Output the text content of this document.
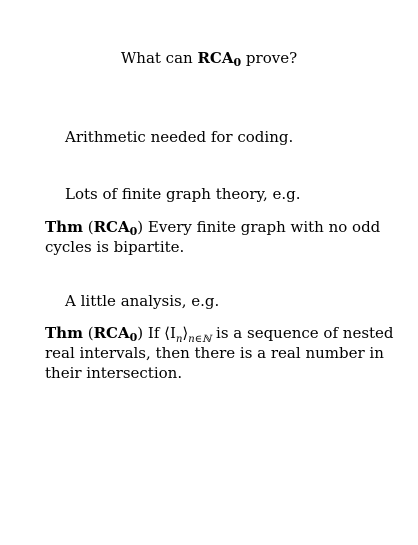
What can $RCA_0$ prove?
Arithmetic needed for coding.
Lots of finite graph theory, e.g.
Thm $(RCA_0)$ Every finite graph with no odd
cycles is bipartite.
A little analysis, e.g.
Thm $(RCA_0)$ If $⟨I_n⟩_{n\in ℕ}$ is a sequence of nested
real intervals, then there is a real number in
their intersection.
